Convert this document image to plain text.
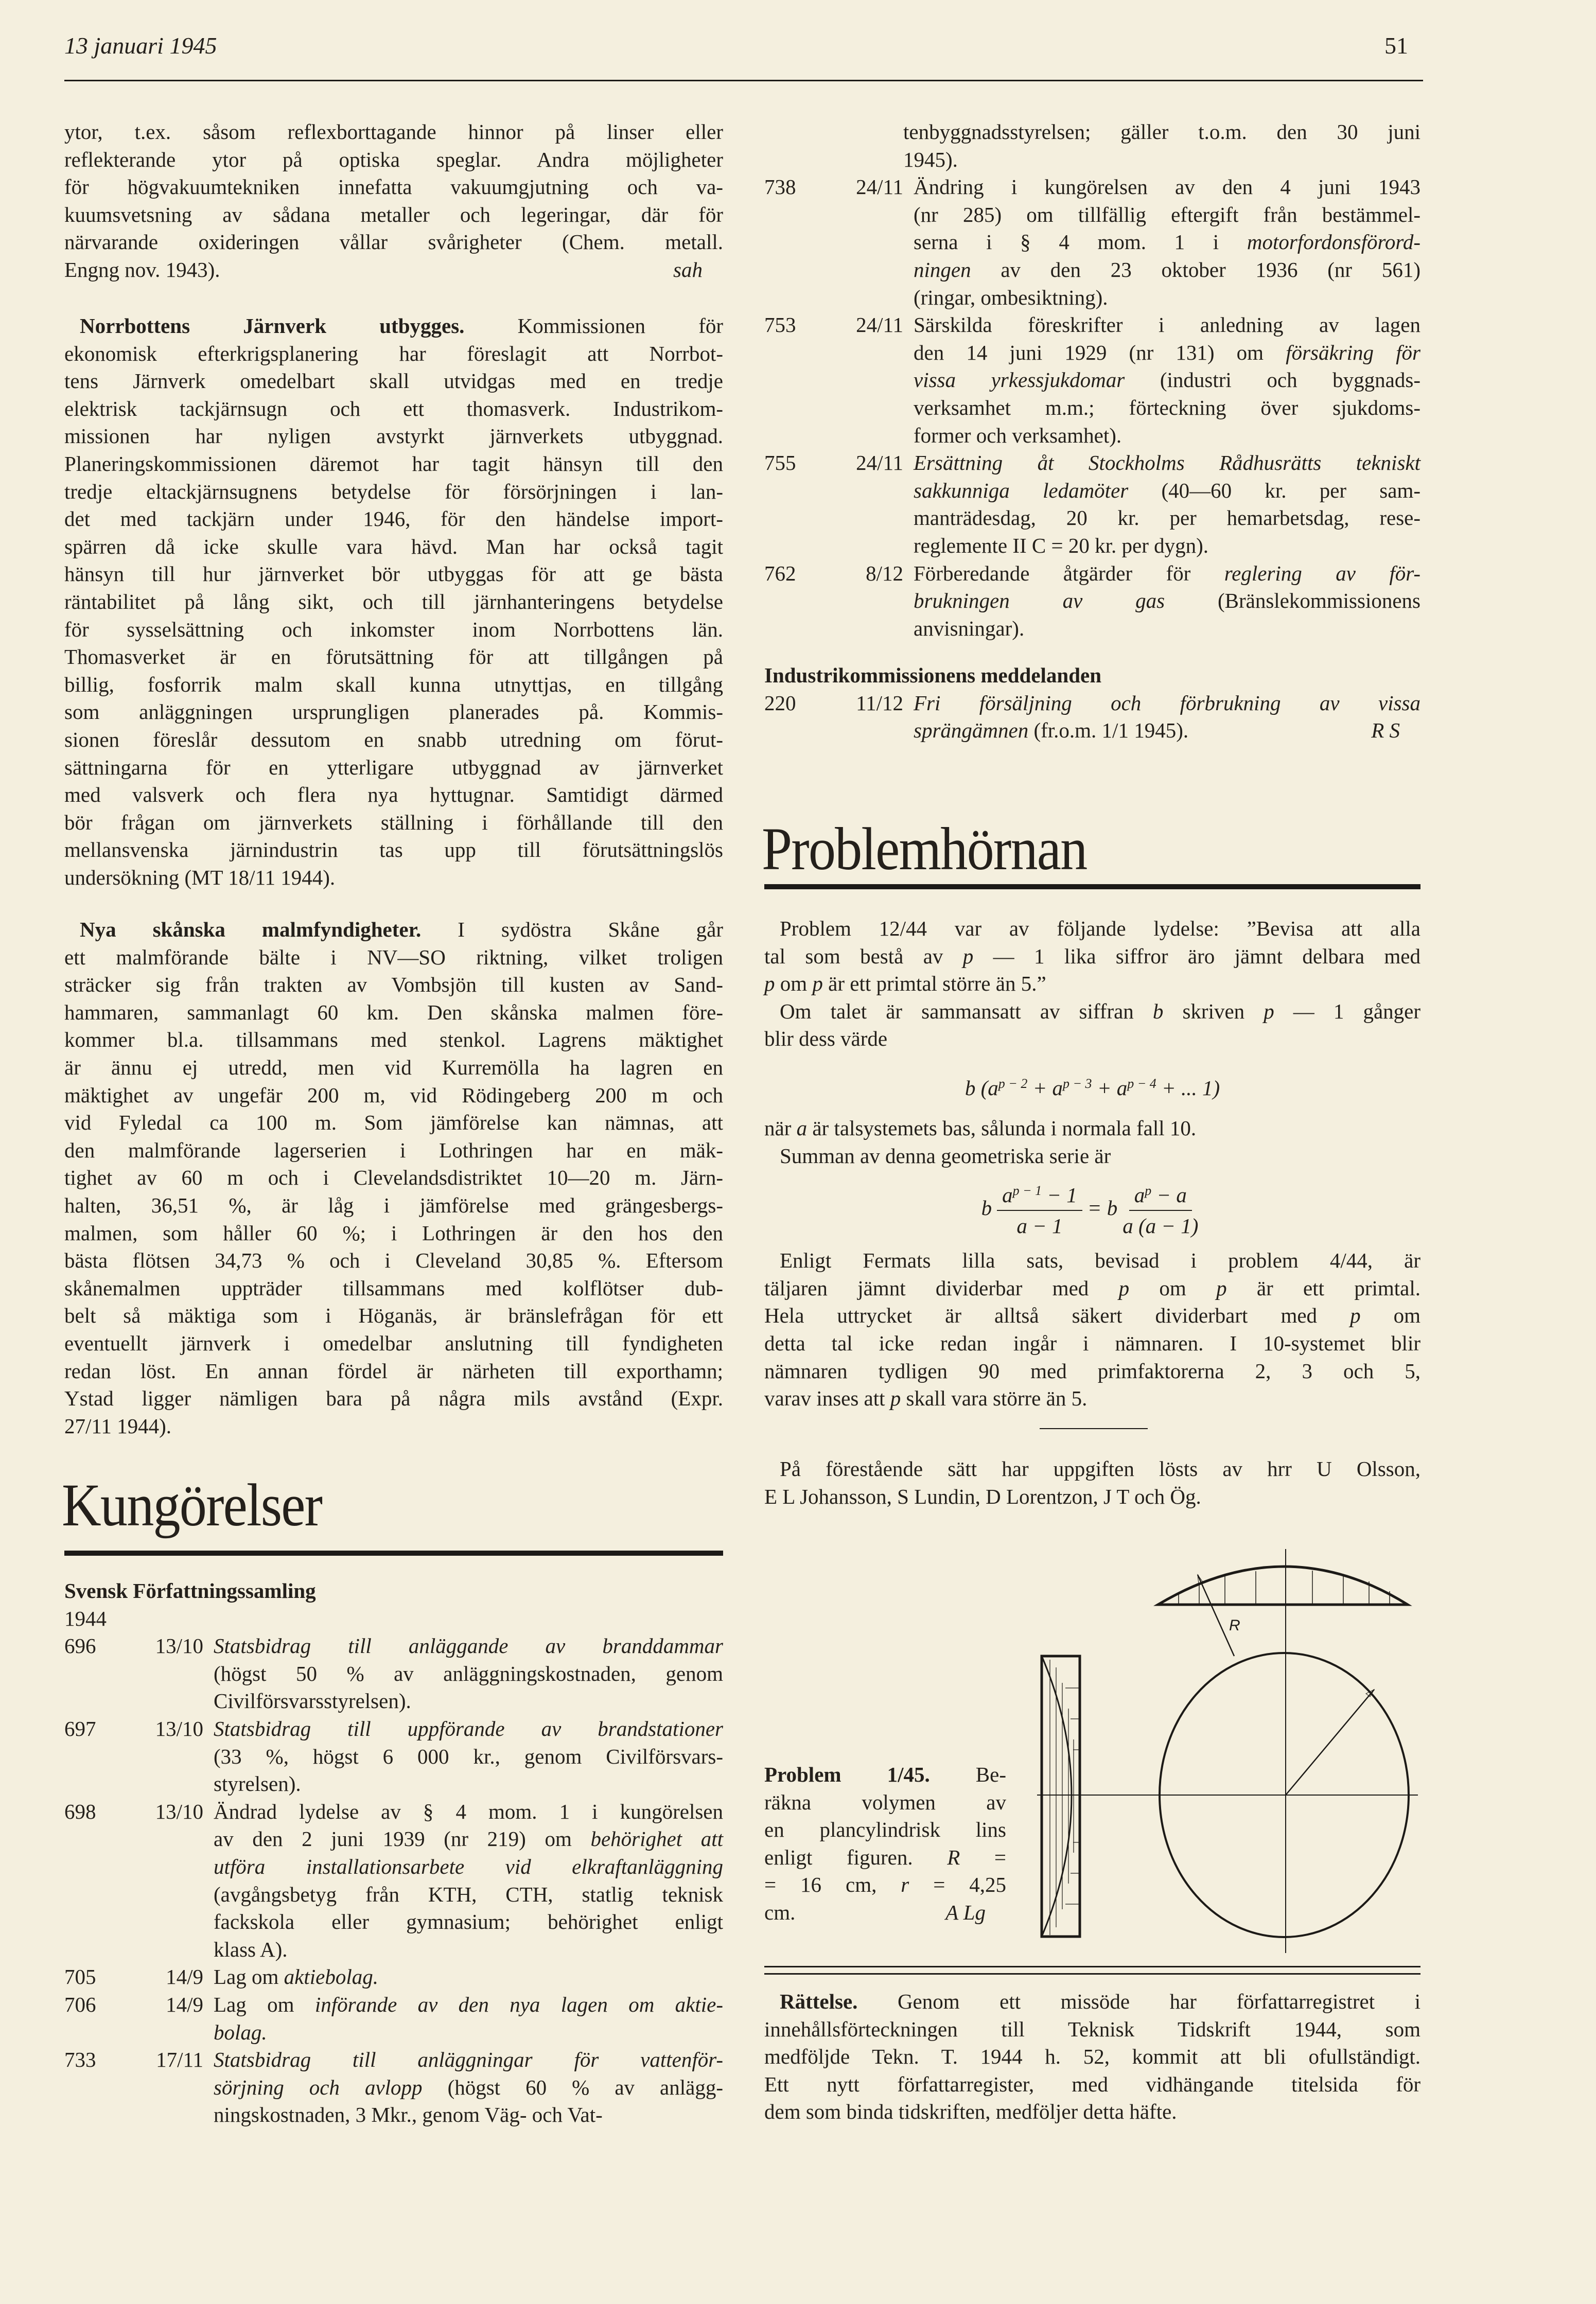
13 januari 1945	51
ytor, t.ex. såsom reflexborttagande hinnor på linser eller
reflekterande ytor på optiska speglar. Andra möjligheter
för högvakuumtekniken innefatta vakuumgjutning och va-
kuumsvetsning av sådana metaller och legeringar, där för
närvarande oxideringen vållar svårigheter (Chem. metall.
sah
Engng nov. 1943).
Norrbottens Järnverk utbygges. Kommissionen för
ekonomisk efterkrigsplanering har föreslagit att Norrbot-
tens Järnverk omedelbart skall utvidgas med en tredje
elektrisk tackjärnsugn och ett thomasverk. Industrikom-
missionen har nyligen avstyrkt järnverkets utbyggnad.
Planeringskommissionen däremot har tagit hänsyn till den
tredje eltackjärnsugnens betydelse för försörjningen i lan-
det med tackjärn under 1946, för den händelse import-
spärren då icke skulle vara hävd. Man har också tagit
hänsyn till hur järnverket bör utbyggas för att ge bästa
räntabilitet på lång sikt, och till järnhanteringens betydelse
för sysselsättning och inkomster inom Norrbottens län.
Thomasverket är en förutsättning för att tillgången på
billig, fosforrik malm skall kunna utnyttjas, en tillgång
som anläggningen ursprungligen planerades på. Kommis-
sionen föreslår dessutom en snabb utredning om förut-
sättningarna för en ytterligare utbyggnad av järnverket
med valsverk och flera nya hyttugnar. Samtidigt därmed
bör frågan om järnverkets ställning i förhållande till den
mellansvenska järnindustrin tas upp till förutsättningslös
undersökning (MT 18/11 1944).
Nya skånska malmfyndigheter. I sydöstra Skåne går
ett malmförande bälte i NV—SO riktning, vilket troligen
sträcker sig från trakten av Vombsjön till kusten av Sand-
hammaren, sammanlagt 60 km. Den skånska malmen före-
kommer bl.a. tillsammans med stenkol. Lagrens mäktighet
är ännu ej utredd, men vid Kurremölla ha lagren en
mäktighet av ungefär 200 m, vid Rödingeberg 200 m och
vid Fyledal ca 100 m. Som jämförelse kan nämnas, att
den malmförande lagerserien i Lothringen har en mäk-
tighet av 60 m och i Clevelandsdistriktet 10—20 m. Järn-
halten, 36,51 %, är låg i jämförelse med grängesbergs-
malmen, som håller 60 %; i Lothringen är den hos den
bästa flötsen 34,73 % och i Cleveland 30,85 %. Eftersom
skånemalmen uppträder tillsammans med kolflötser dub-
belt så mäktiga som i Höganäs, är bränslefrågan för ett
eventuellt järnverk i omedelbar anslutning till fyndigheten
redan löst. En annan fördel är närheten till exporthamn;
Ystad ligger nämligen bara på några mils avstånd (Expr.
27/11 1944).
Kungörelser
Svensk Författningssamling
1944
696	13/10 Statsbidrag till anläggande av branddammar
(högst 50 % av anläggningskostnaden, genom
Civilförsvarsstyrelsen).
697	13/10 Statsbidrag till uppförande av brandstationer
(33 %, högst 6 000 kr., genom Civilförsvars-
styrelsen).
698	13/10 Ändrad lydelse av § 4 mom. 1 i kungörelsen
av den 2 juni 1939 (nr 219) om behörighet att
utföra installationsarbete vid elkraftanläggning
(avgångsbetyg från KTH, CTH, statlig teknisk
fackskola eller gymnasium; behörighet enligt
klass A).
705	14/9 Lag om aktiebolag.
706	14/9 Lag om införande av den nya lagen om aktie-
bolag.
733	17/11 Statsbidrag till anläggningar för vattenför-
sörjning och avlopp (högst 60 % av anlägg-
ningskostnaden, 3 Mkr., genom Väg- och Vat-
tenbyggnadsstyrelsen; gäller t.o.m. den 30 juni
1945).
738	24/11 Ändring i kungörelsen av den 4 juni 1943
(nr 285) om tillfällig eftergift från bestämmel-
serna i § 4 mom. 1 i motorfordonsförord-
ningen av den 23 oktober 1936 (nr 561)
(ringar, ombesiktning).
753	24/11 Särskilda föreskrifter i anledning av lagen
den 14 juni 1929 (nr 131) om försäkring för
vissa yrkessjukdomar (industri och byggnads-
verksamhet m.m.; förteckning över sjukdoms-
former och verksamhet).
755	24/11 Ersättning åt Stockholms Rådhusrätts tekniskt
sakkunniga ledamöter (40—60 kr. per sam-
manträdesdag, 20 kr. per hemarbetsdag, rese-
reglemente II C = 20 kr. per dygn).
762	8/12 Förberedande åtgärder för reglering av för-
brukningen av gas (Bränslekommissionens
anvisningar).
Industrikommissionens meddelanden
220	11/12 Fri försäljning och förbrukning av vissa
R S
sprängämnen (fr.o.m. 1/1 1945).
Problemhörnan
Problem 12/44 var av följande lydelse: ”Bevisa att alla
tal som bestå av p — 1 lika siffror äro jämnt delbara med
p om p är ett primtal större än 5.”
Om talet är sammansatt av siffran b skriven p — 1 gånger
blir dess värde
b ($a^{p - 2} + a^{p - 3} + a^{p - 4}$ + ... 1)
när a är talsystemets bas, sålunda i normala fall 10.
Summan av denna geometriska serie är
b $\frac{a^{p - 1} - 1}{a - 1} = b \frac{a^p - a}{a (a - 1)}$
Enligt Fermats lilla sats, bevisad i problem 4/44, är
täljaren jämnt dividerbar med p om p är ett primtal.
Hela uttrycket är alltså säkert dividerbart med p om
detta tal icke redan ingår i nämnaren. I 10-systemet blir
nämnaren tydligen 90 med primfaktorerna 2, 3 och 5,
varav inses att p skall vara större än 5.
På förestående sätt har uppgiften lösts av hrr U Olsson,
E L Johansson, S Lundin, D Lorentzon, J T och Ög.
Problem 1/45. Be-
räkna volymen av
en plancylindrisk lins
enligt figuren. R =
= 16 cm, r = 4,25
A Lg
cm.
R
Rättelse. Genom ett missöde har författarregistret i
innehållsförteckningen till Teknisk Tidskrift 1944, som
medföljde Tekn. T. 1944 h. 52, kommit att bli ofullständigt.
Ett nytt författarregister, med vidhängande titelsida för
dem som binda tidskriften, medföljer detta häfte.
